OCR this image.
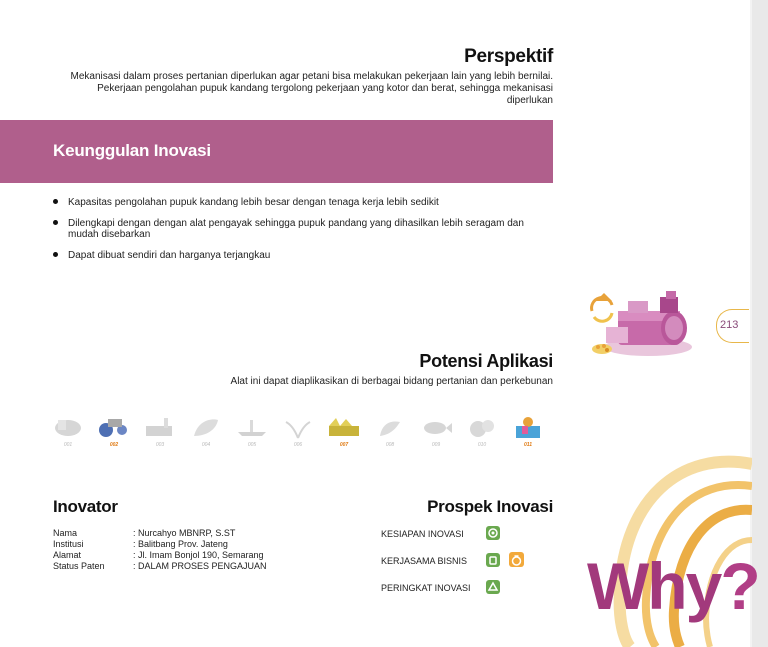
Perspektif
Mekanisasi dalam proses pertanian diperlukan agar petani bisa melakukan pekerjaan lain yang lebih bernilai. Pekerjaan pengolahan pupuk kandang tergolong pekerjaan yang kotor dan berat, sehingga mekanisasi diperlukan
Keunggulan Inovasi
Kapasitas pengolahan pupuk kandang lebih besar dengan tenaga kerja lebih sedikit
Dilengkapi dengan dengan alat pengayak sehingga pupuk pandang yang dihasilkan lebih seragam dan mudah disebarkan
Dapat dibuat sendiri dan harganya terjangkau
213
Potensi Aplikasi
Alat ini dapat diaplikasikan di berbagai bidang pertanian dan perkebunan
001	002	003	004	005	006	007	008	009	010	011
Inovator
Nama	: Nurcahyo MBNRP, S.ST
Institusi	: Balitbang Prov. Jateng
Alamat	: Jl. Imam Bonjol 190, Semarang
Status Paten	: DALAM PROSES PENGAJUAN
Prospek Inovasi
KESIAPAN INOVASI
KERJASAMA BISNIS
PERINGKAT INOVASI Why?
